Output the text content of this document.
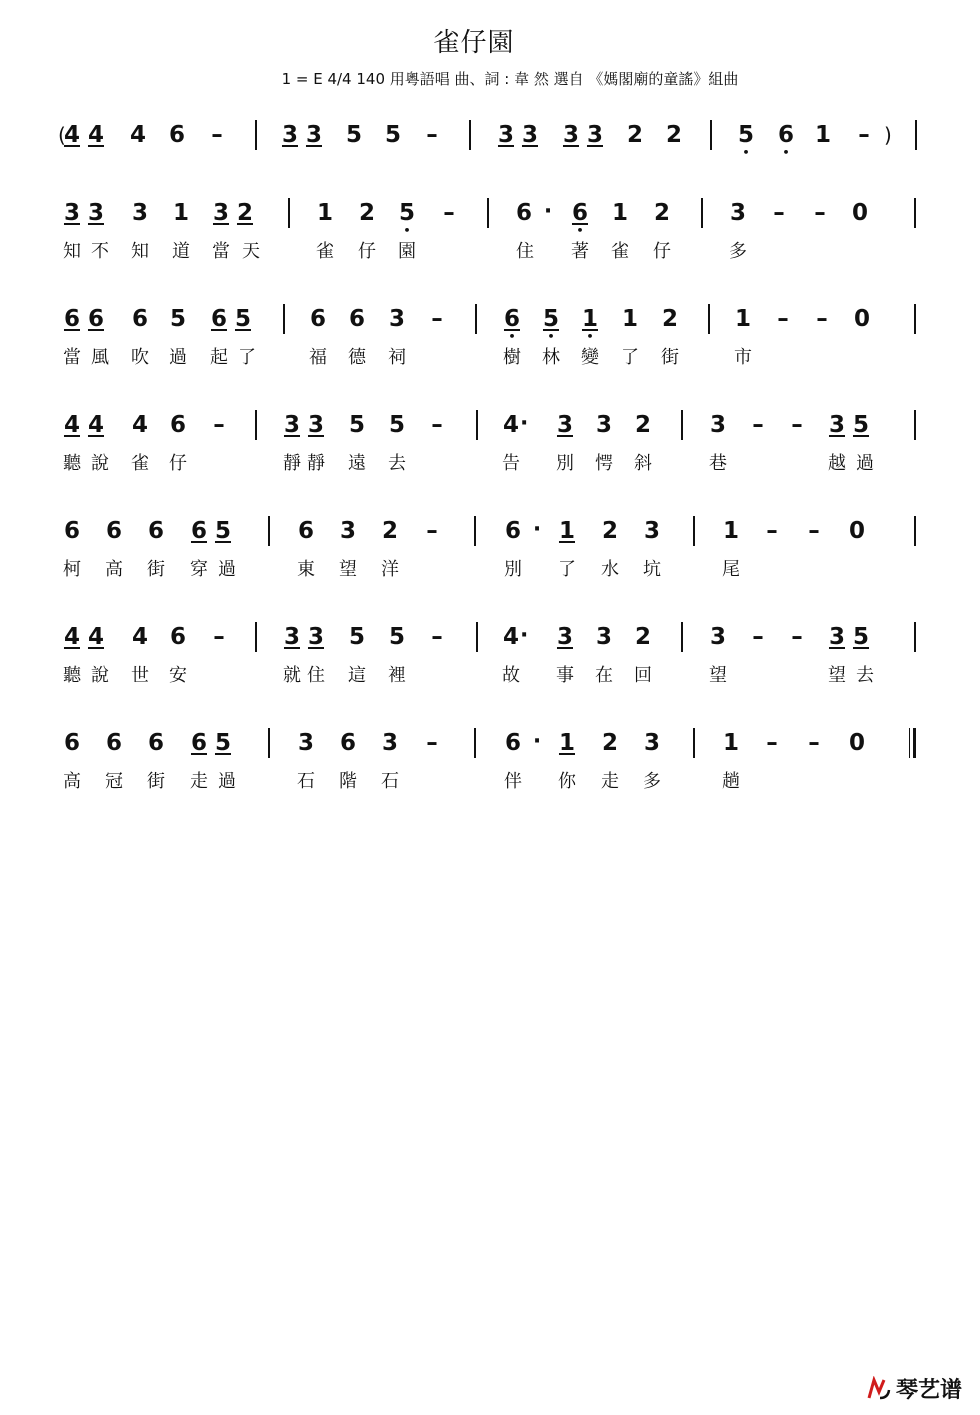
雀仔園
1 = E 4/4 140 用粵語唱 曲、詞 : 韋 然 選自 《媽閣廟的童謠》組曲
(	)
4 4	4 6	–	3 3	5 5	–	3 3	3 3	2 2	5 •	6 • 1	–
3 3	3	1	3 2	1	2	5 •	–	6 ·	6 •	1	2	3	–	–	0
知 不	知	道	當 天	雀	仔	園	住	著	雀	仔	多
6 6	6 5	6 5	6 6	3	–	6 • 5 • 1 •	1	2	1	–	–	0
當 風	吹	過	起 了	福	德	祠	樹	林	變	了	街	市
4 4	4 6	–	3 3	5	5	–	4 ·	3 3 2	3	–	–	3 5
聽 說	雀	仔	靜 靜	遠	去	告	別	愕	斜	巷	越 過
6	6	6	6 5	6	3	2	–	6 ·	1	2	3	1	–	–	0
柯	高	街	穿 過	東	望	洋	別	了	水	坑	尾
4 4	4 6	–	3 3	5	5	–	4 ·	3 3 2	3	–	–	3 5
聽 說	世	安	就 住	這	裡	故	事	在	回	望	望 去
6	6	6	6 5	3	6	3	–	6 ·	1	2	3	1	–	–	0
高	冠	街	走 過	石	階	石	伴	你	走	多	趟
琴艺谱
